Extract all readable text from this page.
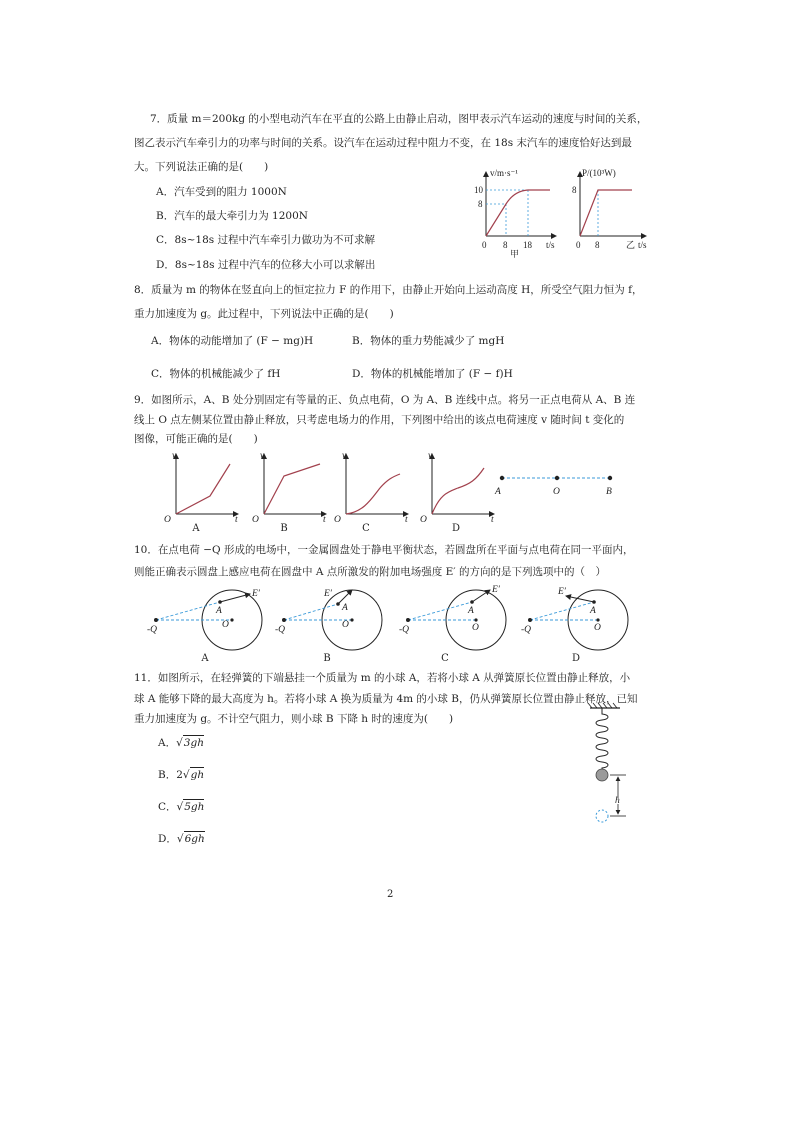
7．质量 m＝200kg 的小型电动汽车在平直的公路上由静止启动，图甲表示汽车运动的速度与时间的关系，
图乙表示汽车牵引力的功率与时间的关系。设汽车在运动过程中阻力不变，在 18s 末汽车的速度恰好达到最
大。下列说法正确的是(　　)
A．汽车受到的阻力 1000N
B．汽车的最大牵引力为 1200N
C．8s~18s 过程中汽车牵引力做功为不可求解
D．8s~18s 过程中汽车的位移大小可以求解出
v/m·s⁻¹
t/s
10
8
0 8 18
甲
P/(10³W)
t/s
8
0 8	乙
8．质量为 m 的物体在竖直向上的恒定拉力 F 的作用下，由静止开始向上运动高度 H，所受空气阻力恒为 f，
重力加速度为 g。此过程中，下列说法中正确的是(　　)
A．物体的动能增加了 (F − mg)H	B．物体的重力势能减少了 mgH
C．物体的机械能减少了 fH	D．物体的机械能增加了 (F − f)H
9．如图所示，A、B 处分别固定有等量的正、负点电荷，O 为 A、B 连线中点。将另一正点电荷从 A、B 连
线上 O 点左侧某位置由静止释放，只考虑电场力的作用，下列图中给出的该点电荷速度 v 随时间 t 变化的
图像，可能正确的是(　　)
v
t
O
A
v
t
O
B
v
t
O
C
v
t
O
D
A	O	B
10．在点电荷 −Q 形成的电场中，一金属圆盘处于静电平衡状态，若圆盘所在平面与点电荷在同一平面内，
则能正确表示圆盘上感应电荷在圆盘中 A 点所激发的附加电场强度 E′ 的方向的是下列选项中的（　）
-Q
A
O
E′
A
-Q
A
O
E′
B
-Q
A
O
E′
C
-Q
A
O
E′
D
11．如图所示，在轻弹簧的下端悬挂一个质量为 m 的小球 A，若将小球 A 从弹簧原长位置由静止释放，小
球 A 能够下降的最大高度为 h。若将小球 A 换为质量为 4m 的小球 B，仍从弹簧原长位置由静止释放，已知
重力加速度为 g。不计空气阻力，则小球 B 下降 h 时的速度为(　　)
A．√3gh
B．2√gh
C．√5gh
D．√6gh
h
2
